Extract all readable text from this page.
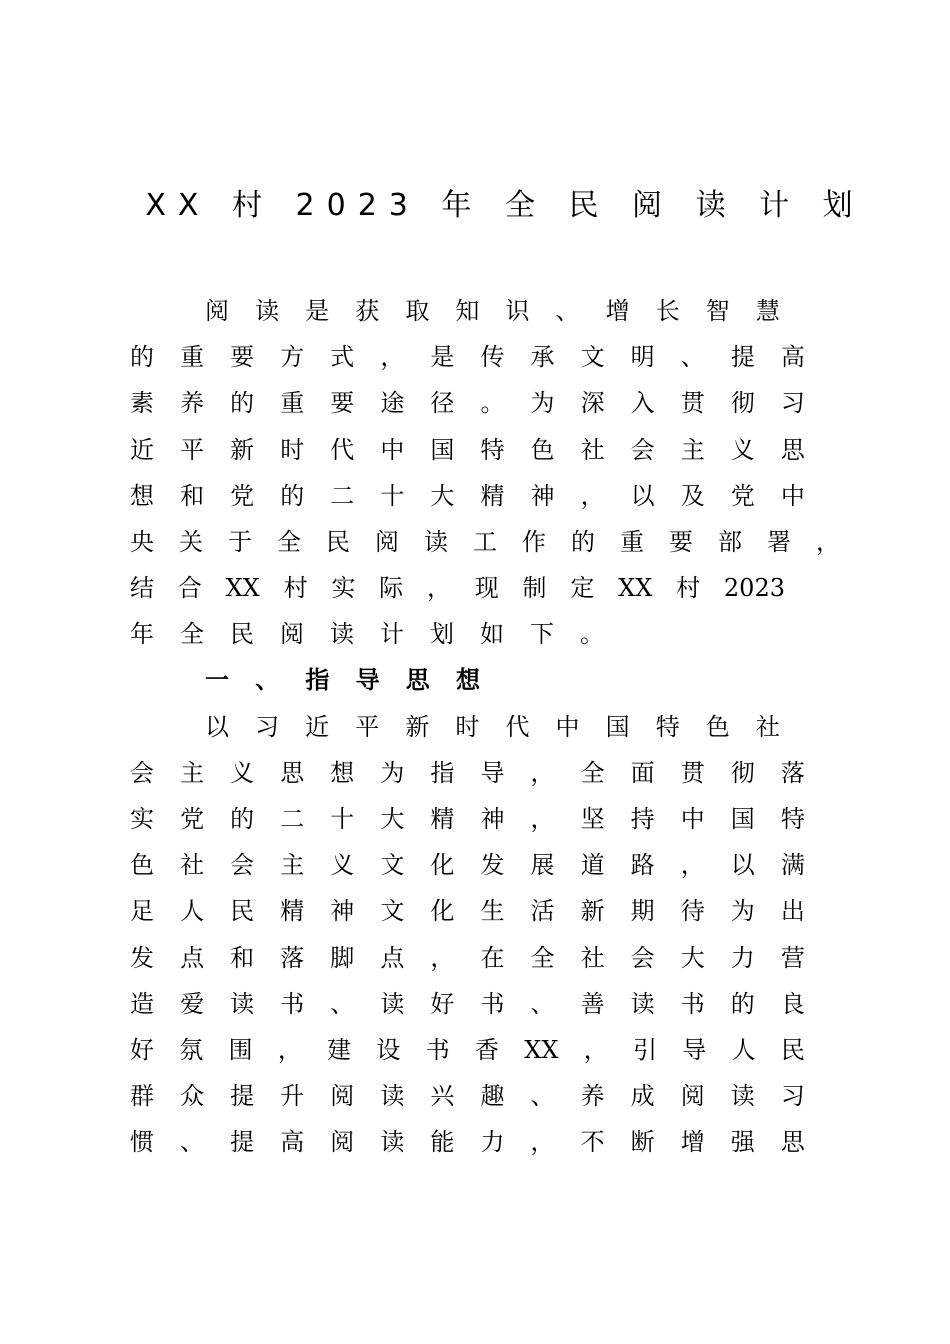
XX 村 2023 年 全 民 阅 读 计 划
阅 读 是 获 取 知 识 、 增 长 智 慧
的 重 要 方 式 ， 是 传 承 文 明 、 提 高
素 养 的 重 要 途 径 。 为 深 入 贯 彻 习
近 平 新 时 代 中 国 特 色 社 会 主 义 思
想 和 党 的 二 十 大 精 神 ， 以 及 党 中
央 关 于 全 民 阅 读 工 作 的 重 要 部 署 ，
结 合 XX 村 实 际 ， 现 制 定 XX 村 2023
年 全 民 阅 读 计 划 如 下 。
一 、 指 导 思 想
以 习 近 平 新 时 代 中 国 特 色 社
会 主 义 思 想 为 指 导 ， 全 面 贯 彻 落
实 党 的 二 十 大 精 神 ， 坚 持 中 国 特
色 社 会 主 义 文 化 发 展 道 路 ， 以 满
足 人 民 精 神 文 化 生 活 新 期 待 为 出
发 点 和 落 脚 点 ， 在 全 社 会 大 力 营
造 爱 读 书 、 读 好 书 、 善 读 书 的 良
好 氛 围 ， 建 设 书 香 XX ， 引 导 人 民
群 众 提 升 阅 读 兴 趣 、 养 成 阅 读 习
惯 、 提 高 阅 读 能 力 ， 不 断 增 强 思
